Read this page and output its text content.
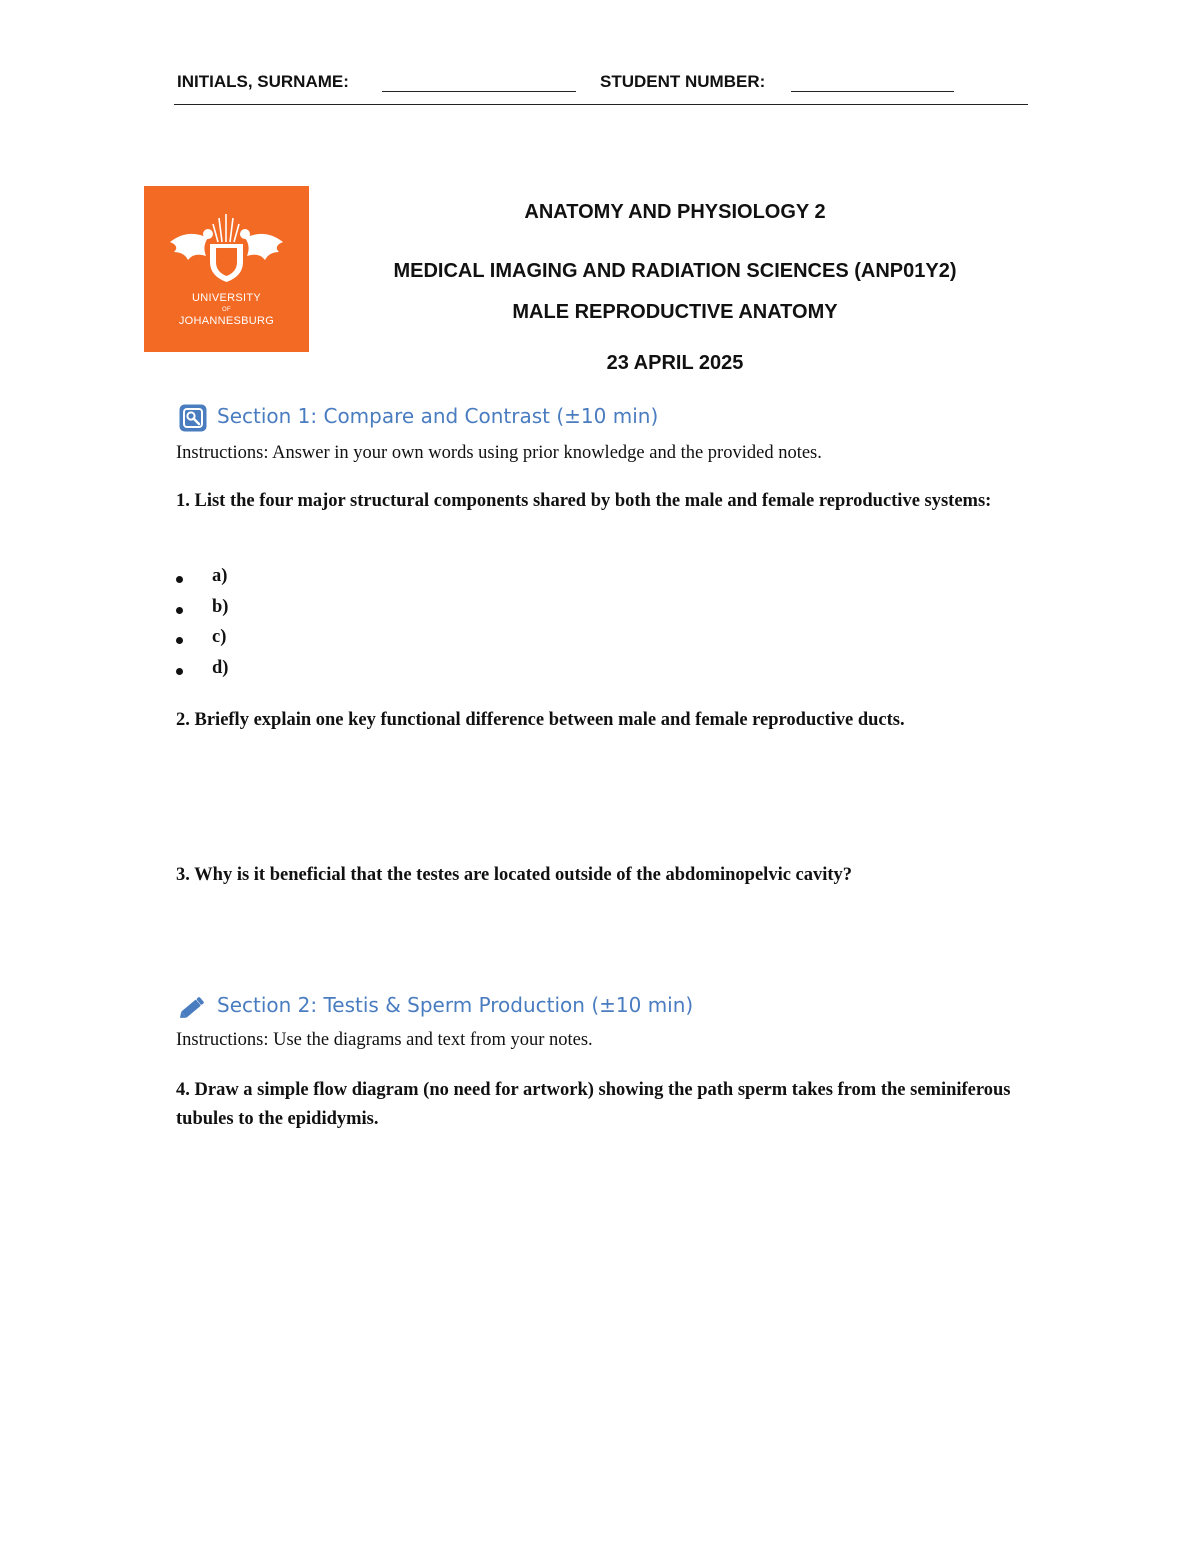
INITIALS, SURNAME:	STUDENT NUMBER:
UNIVERSITY
OF
JOHANNESBURG
ANATOMY AND PHYSIOLOGY 2
MEDICAL IMAGING AND RADIATION SCIENCES (ANP01Y2)
MALE REPRODUCTIVE ANATOMY
23 APRIL 2025
Section 1: Compare and Contrast (±10 min)
Instructions: Answer in your own words using prior knowledge and the provided notes.
1. List the four major structural components shared by both the male and female reproductive systems:
a)
b)
c)
d)
2. Briefly explain one key functional difference between male and female reproductive ducts.
3. Why is it beneficial that the testes are located outside of the abdominopelvic cavity?
Section 2: Testis & Sperm Production (±10 min)
Instructions: Use the diagrams and text from your notes.
4. Draw a simple flow diagram (no need for artwork) showing the path sperm takes from the seminiferous tubules to the epididymis.
